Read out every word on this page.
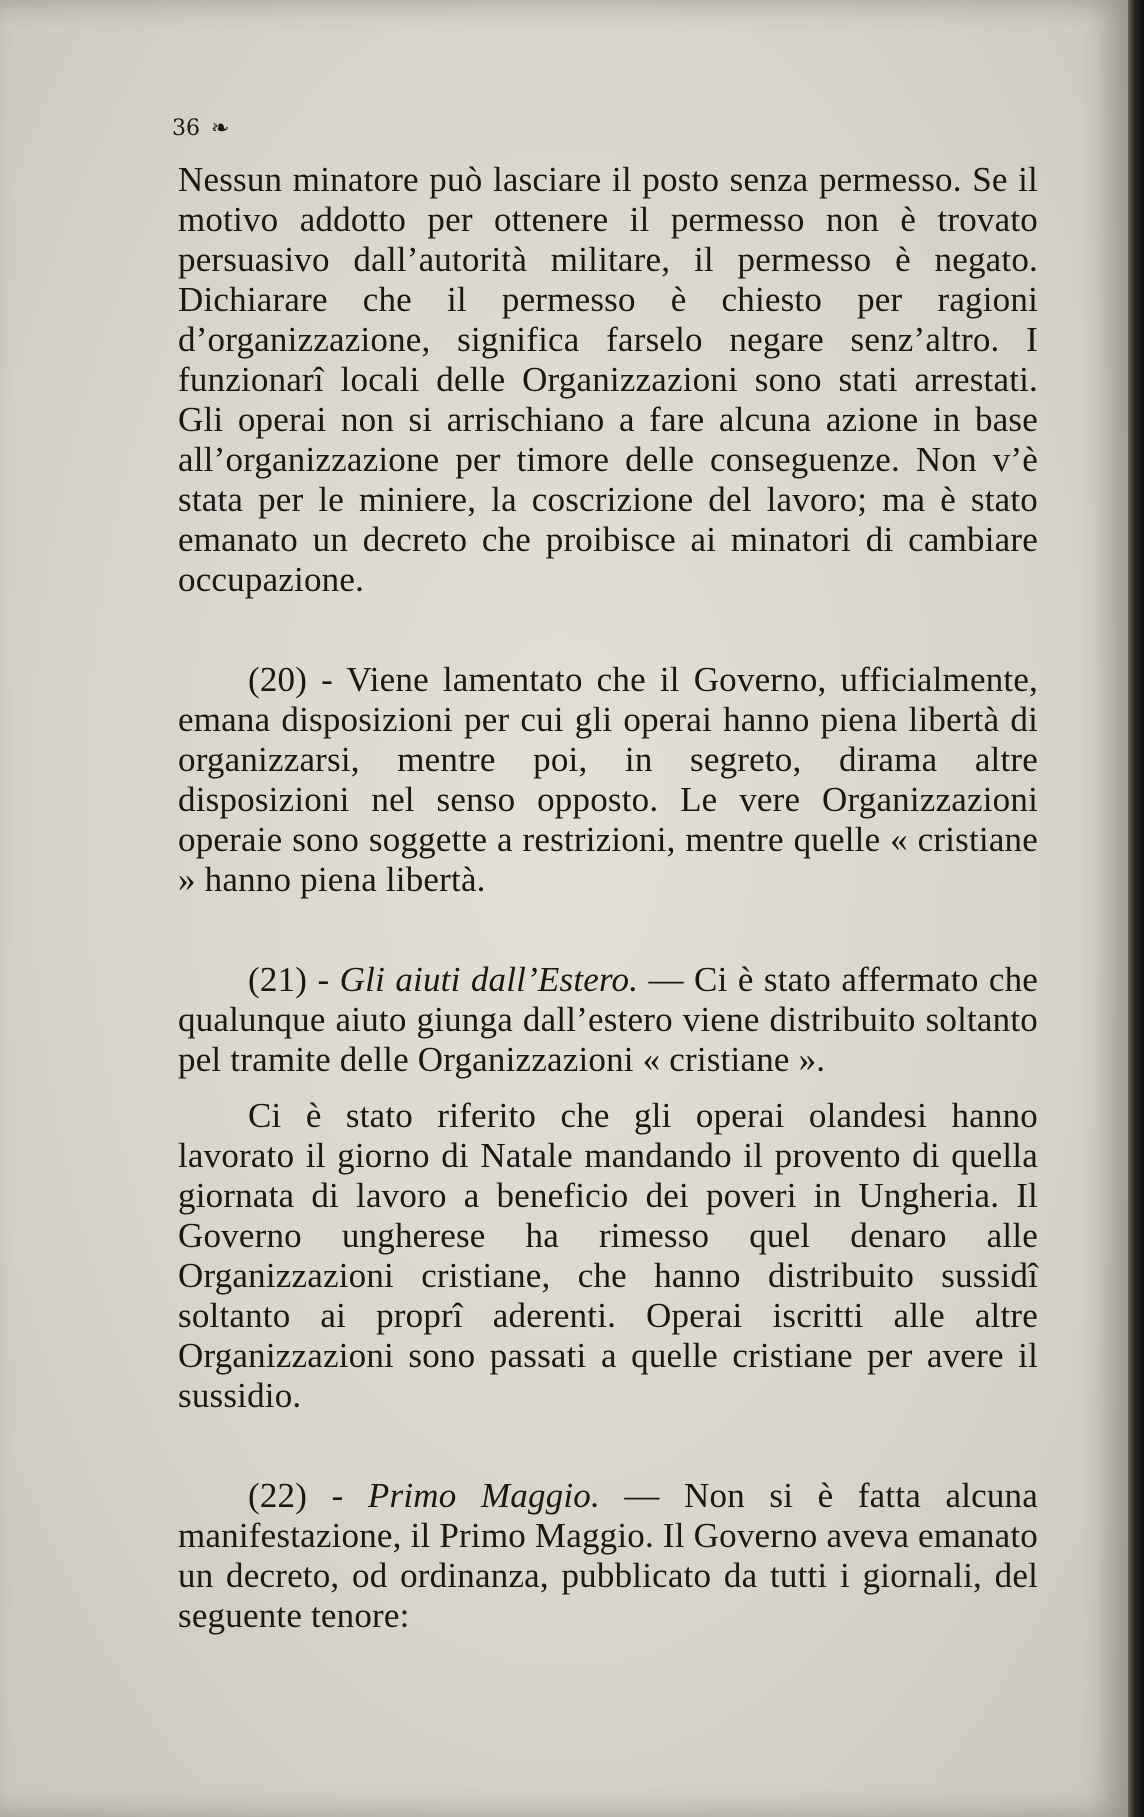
36 ❧

Nessun minatore può lasciare il posto senza permesso. Se il motivo addotto per ottenere il permesso non è trovato persuasivo dall’autorità militare, il permesso è negato. Dichiarare che il permesso è chiesto per ragioni d’organizzazione, significa farselo negare senz’altro. I funzionarî locali delle Organizzazioni sono stati arrestati. Gli operai non si arrischiano a fare alcuna azione in base all’organizzazione per timore delle conseguenze. Non v’è stata per le miniere, la coscrizione del lavoro; ma è stato emanato un decreto che proibisce ai minatori di cambiare occupazione.

(20) - Viene lamentato che il Governo, ufficialmente, emana disposizioni per cui gli operai hanno piena libertà di organizzarsi, mentre poi, in segreto, dirama altre disposizioni nel senso opposto. Le vere Organizzazioni operaie sono soggette a restrizioni, mentre quelle « cristiane » hanno piena libertà.

(21) - Gli aiuti dall’Estero. — Ci è stato affermato che qualunque aiuto giunga dall’estero viene distribuito soltanto pel tramite delle Organizzazioni « cristiane ».

Ci è stato riferito che gli operai olandesi hanno lavorato il giorno di Natale mandando il provento di quella giornata di lavoro a beneficio dei poveri in Ungheria. Il Governo ungherese ha rimesso quel denaro alle Organizzazioni cristiane, che hanno distribuito sussidî soltanto ai proprî aderenti. Operai iscritti alle altre Organizzazioni sono passati a quelle cristiane per avere il sussidio.

(22) - Primo Maggio. — Non si è fatta alcuna manifestazione, il Primo Maggio. Il Governo aveva emanato un decreto, od ordinanza, pubblicato da tutti i giornali, del seguente tenore:
